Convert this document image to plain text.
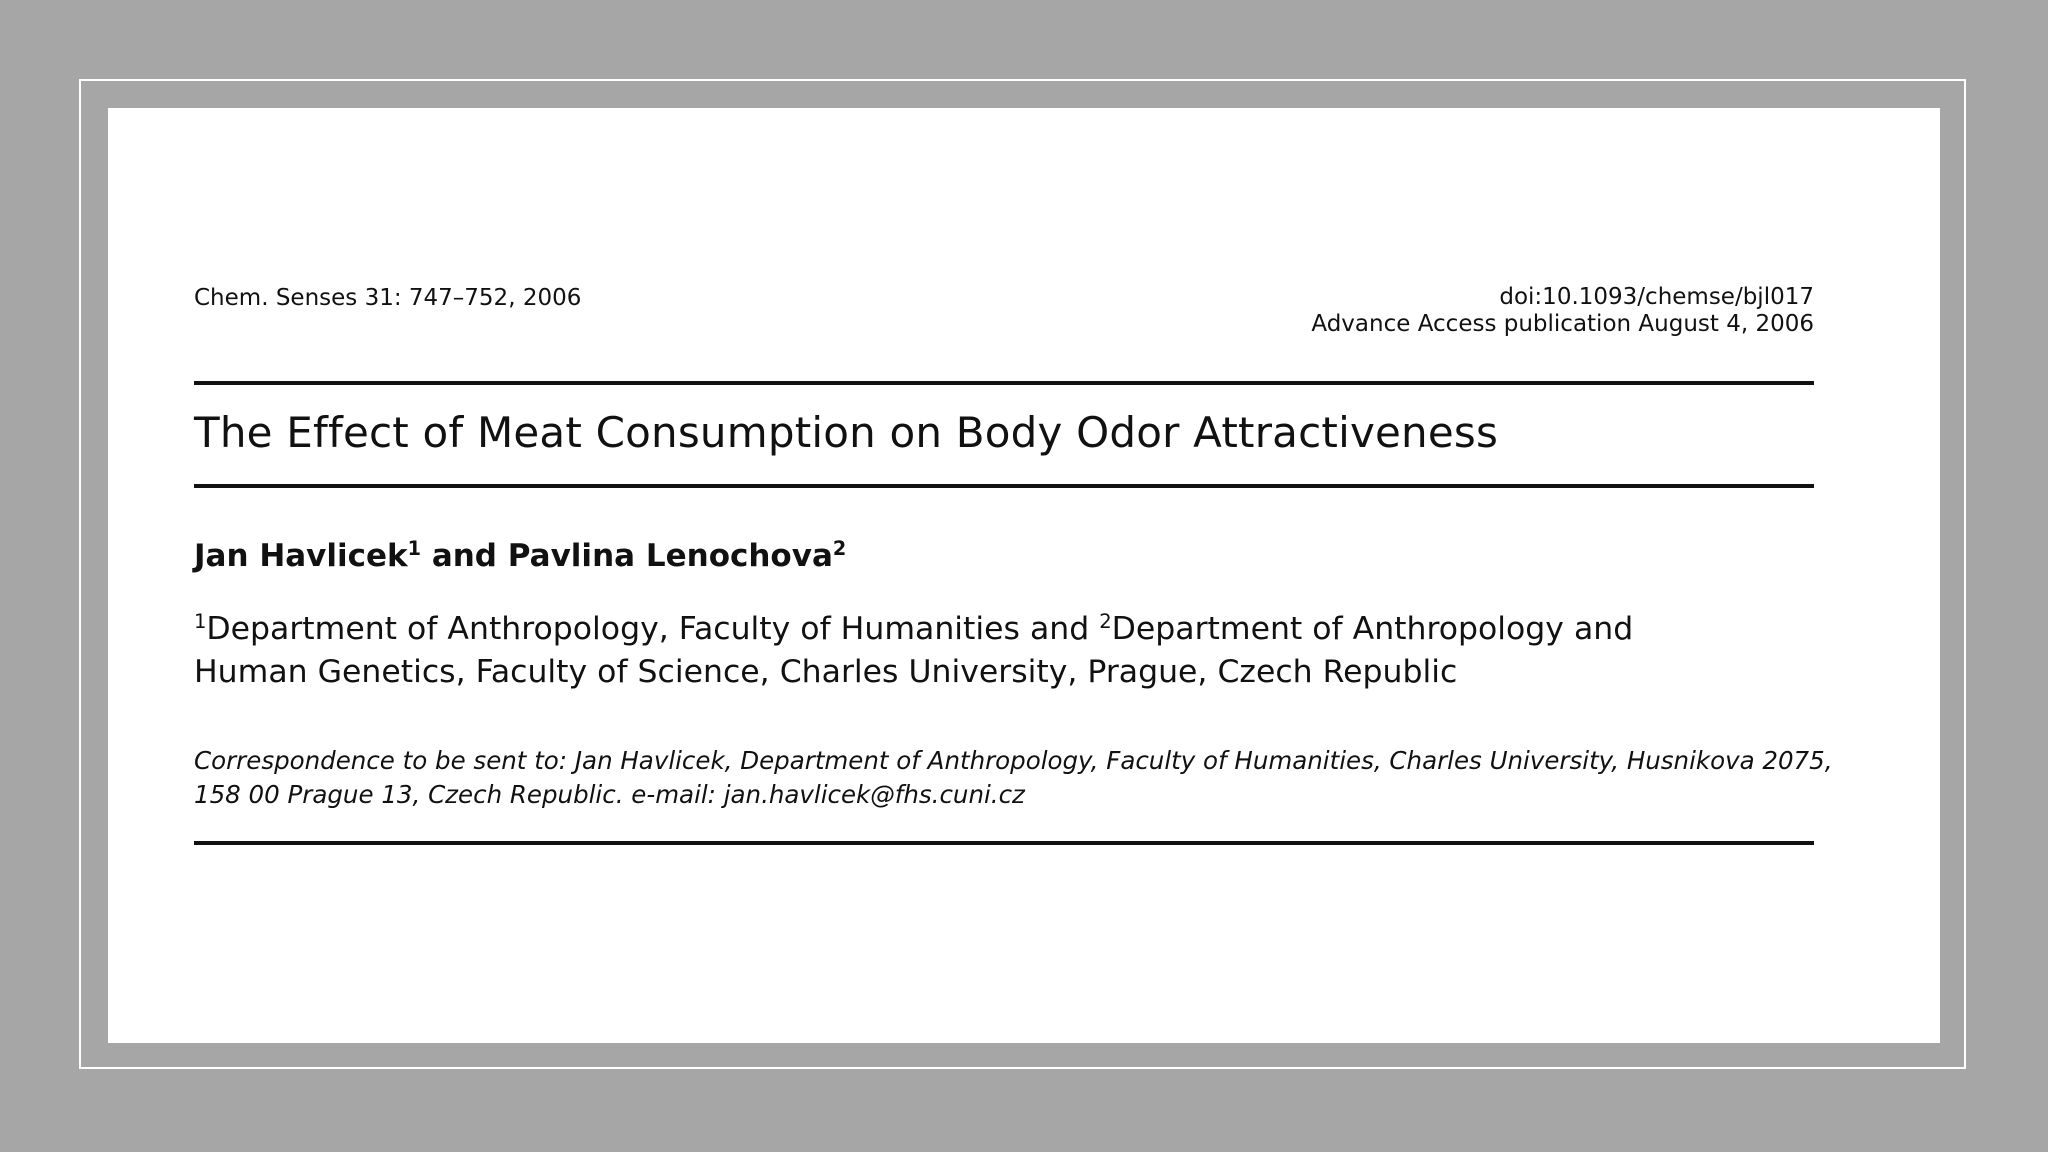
Chem. Senses 31: 747–752, 2006	doi:10.1093/chemse/bjl017
Advance Access publication August 4, 2006
The Effect of Meat Consumption on Body Odor Attractiveness
Jan Havlicek$^1$ and Pavlina Lenochova$^2$
$^1$Department of Anthropology, Faculty of Humanities and $^2$Department of Anthropology and
Human Genetics, Faculty of Science, Charles University, Prague, Czech Republic
Correspondence to be sent to: Jan Havlicek, Department of Anthropology, Faculty of Humanities, Charles University, Husnikova 2075,
158 00 Prague 13, Czech Republic. e-mail: jan.havlicek@fhs.cuni.cz
